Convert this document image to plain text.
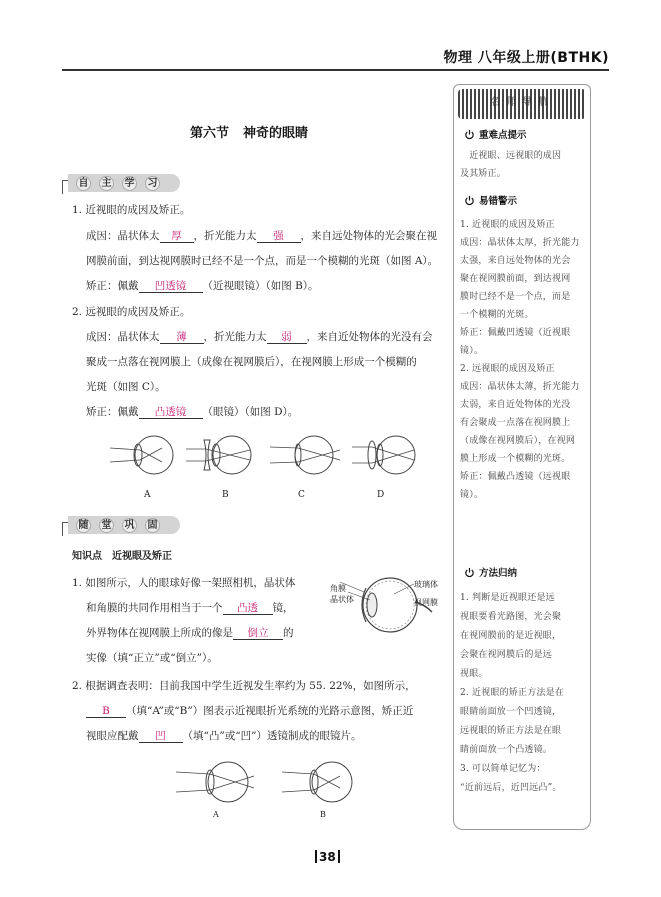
物理 八年级上册(BTHK)
第六节 神奇的眼睛
自 主 学 习
1. 近视眼的成因及矫正。
成因：晶状体太 厚 ，折光能力太 强 ，来自远处物体的光会聚在视
网膜前面，到达视网膜时已经不是一个点，而是一个模糊的光斑（如图 A）。
矫正：佩戴 凹透镜 （近视眼镜）（如图 B）。
2. 远视眼的成因及矫正。
成因：晶状体太 薄 ，折光能力太 弱 ，来自近处物体的光没有会
聚成一点落在视网膜上（成像在视网膜后），在视网膜上形成一个模糊的
光斑（如图 C）。
矫正：佩戴 凸透镜 （眼镜）（如图 D）。
A	B	C	D
随 堂 巩 固
知识点　近视眼及矫正
1. 如图所示，人的眼球好像一架照相机，晶状体
和角膜的共同作用相当于一个 凸透 镜，
外界物体在视网膜上所成的像是 倒立 的
实像（填“正立”或“倒立”）。
角膜
晶状体
玻璃体
视网膜
2. 根据调查表明：目前我国中学生近视发生率约为 55. 22%，如图所示，
B （填“A”或“B”）图表示近视眼折光系统的光路示意图，矫正近
视眼应配戴 凹 （填“凸”或“凹”）透镜制成的眼镜片。
A	B
38
名师导航
重难点提示
　近视眼、远视眼的成因
及其矫正。
易错警示
1. 近视眼的成因及矫正
成因：晶状体太厚，折光能力
太强，来自远处物体的光会
聚在视网膜前面，到达视网
膜时已经不是一个点，而是
一个模糊的光斑。
矫正：佩戴凹透镜（近视眼
镜）。
2. 远视眼的成因及矫正
成因：晶状体太薄，折光能力
太弱，来自近处物体的光没
有会聚成一点落在视网膜上
（成像在视网膜后），在视网
膜上形成一个模糊的光斑。
矫正：佩戴凸透镜（远视眼
镜）。
方法归纳
1. 判断是近视眼还是远
视眼要看光路图，光会聚
在视网膜前的是近视眼，
会聚在视网膜后的是远
视眼。
2. 近视眼的矫正方法是在
眼睛前面放一个凹透镜，
远视眼的矫正方法是在眼
睛前面放一个凸透镜。
3. 可以简单记忆为：
“近前远后，近凹远凸”。
